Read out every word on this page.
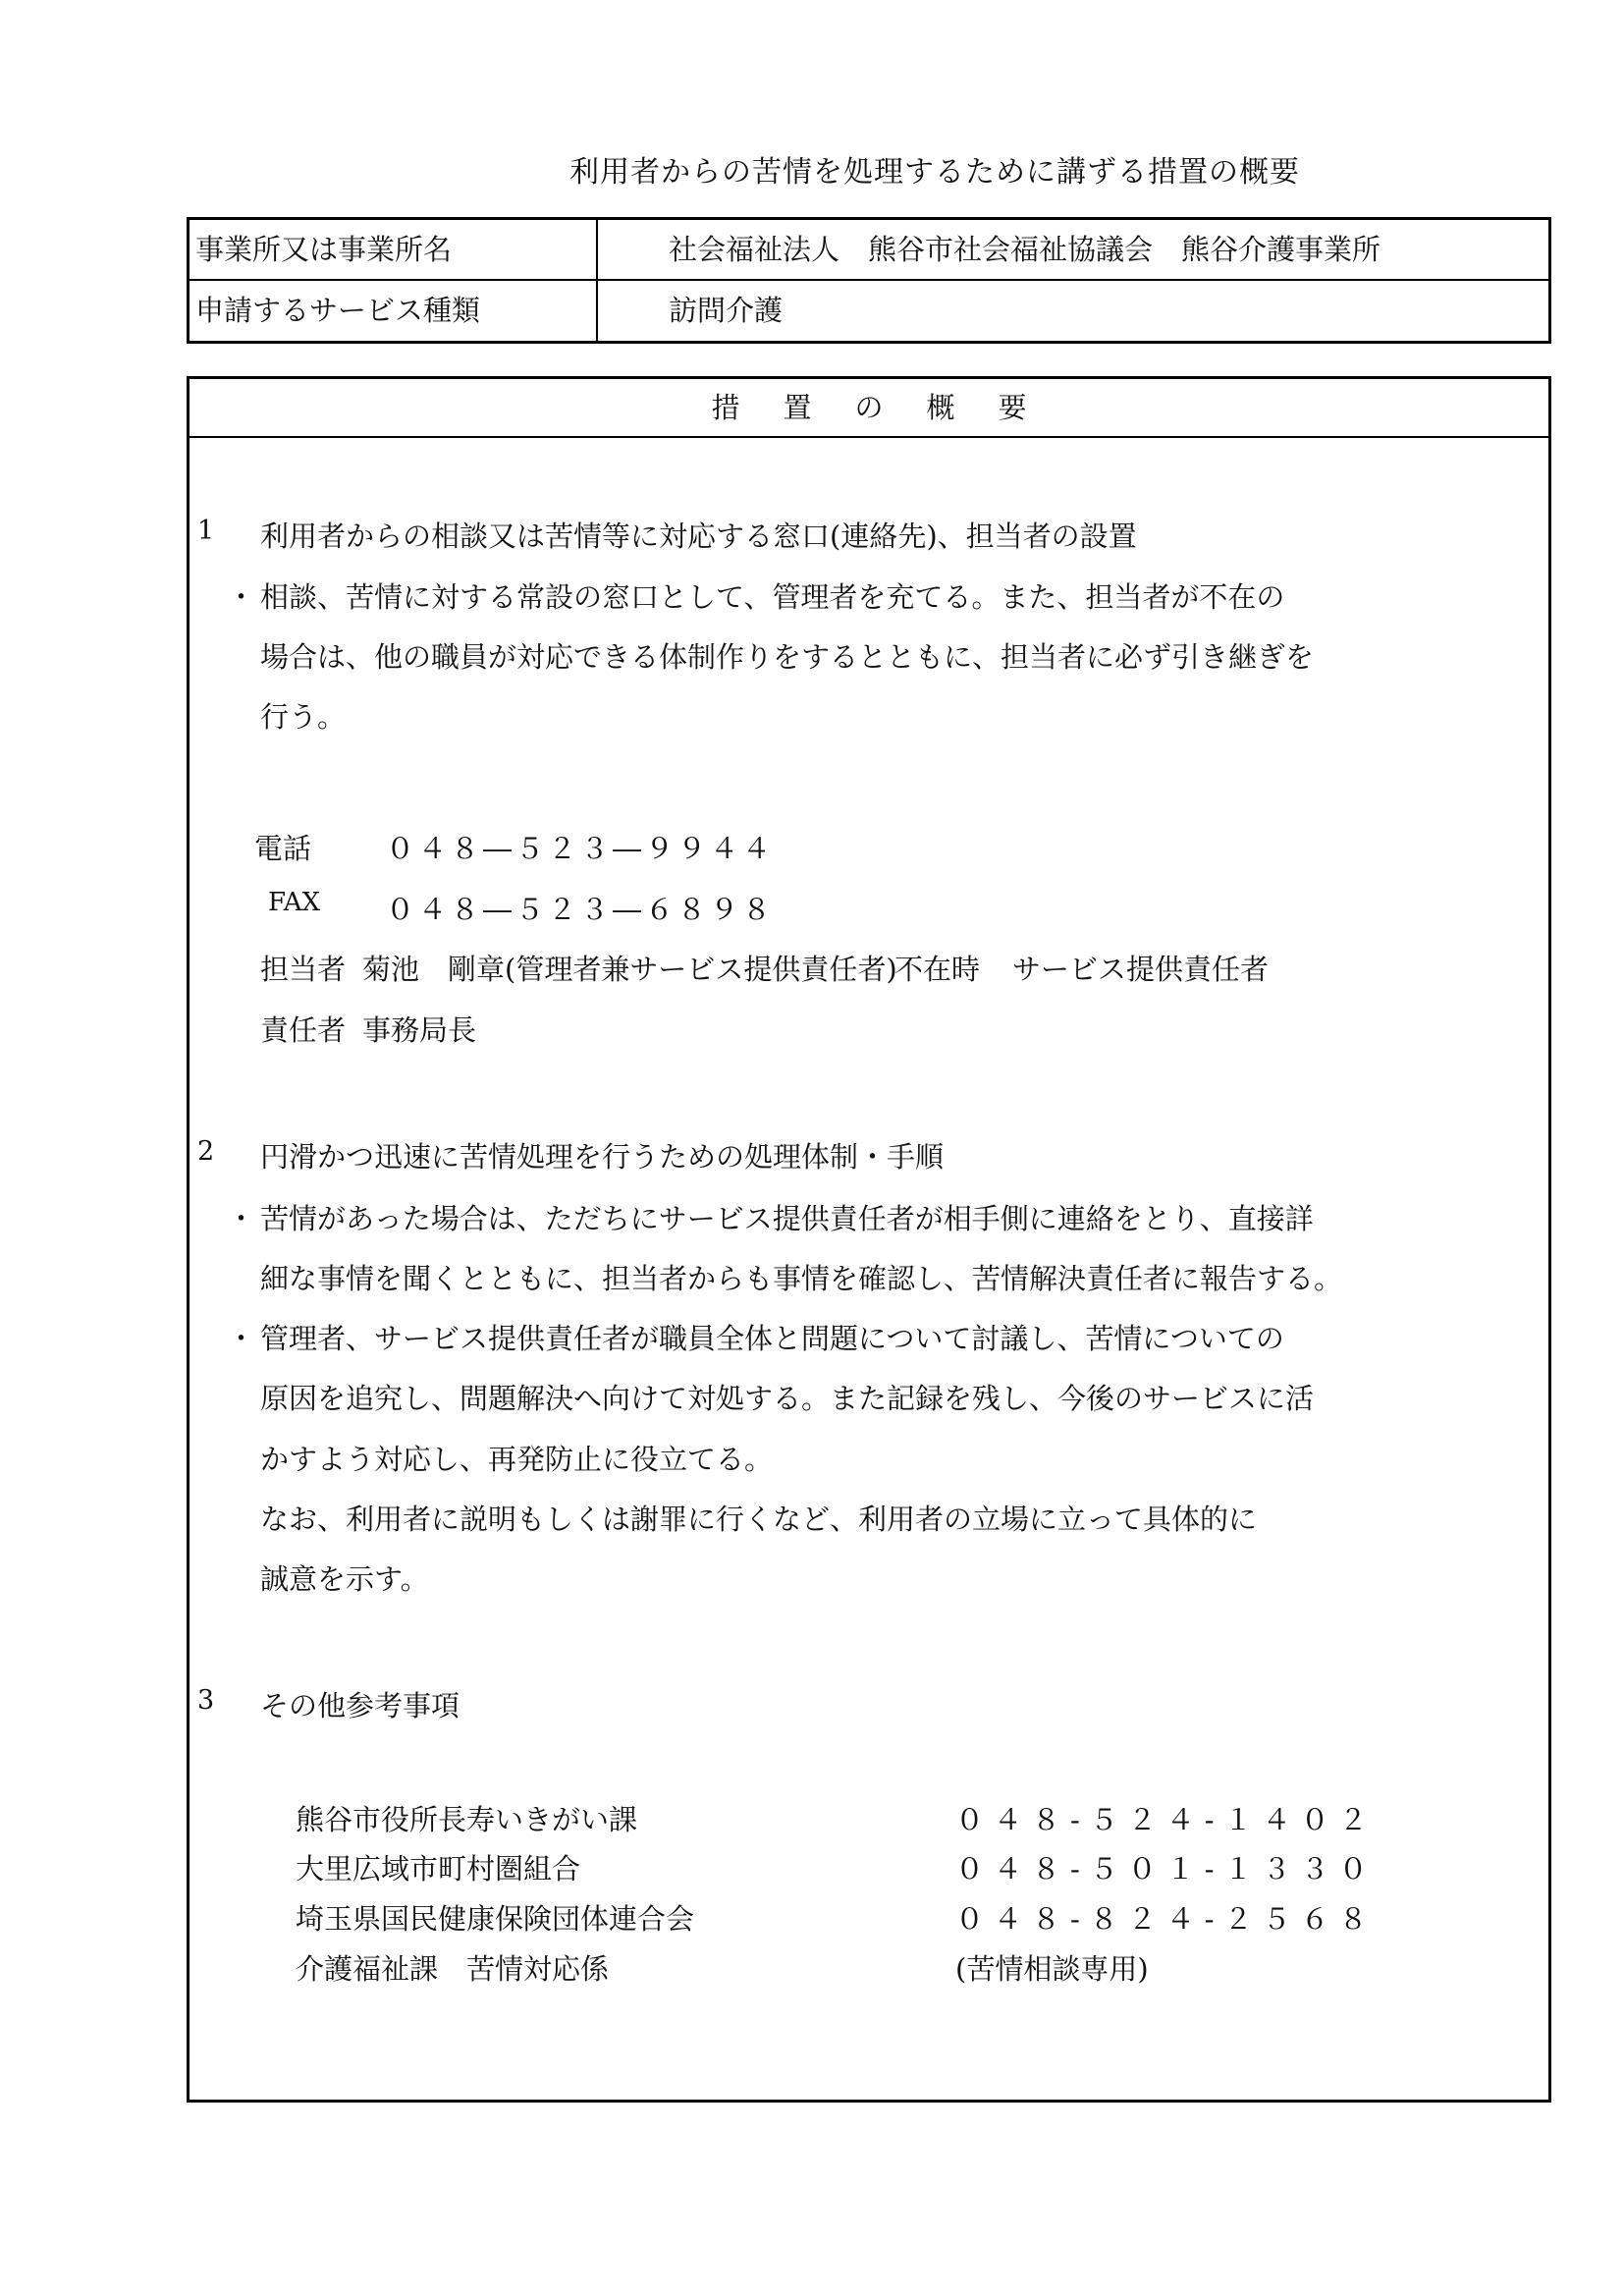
利用者からの苦情を処理するために講ずる措置の概要
事業所又は事業所名	社会福祉法人　熊谷市社会福祉協議会　熊谷介護事業所
申請するサービス種類	訪問介護
措置の概要
1 利用者からの相談又は苦情等に対応する窓口(連絡先)、担当者の設置
・ 相談、苦情に対する常設の窓口として、管理者を充てる。また、担当者が不在の
場合は、他の職員が対応できる体制作りをするとともに、担当者に必ず引き継ぎを
行う。
電話	０４８―５２３―９９４４
FAX ０４８―５２３―６８９８
担当者 菊池　剛章(管理者兼サービス提供責任者)
不在時 サービス提供責任者
責任者 事務局長
2 円滑かつ迅速に苦情処理を行うための処理体制・手順
・ 苦情があった場合は、ただちにサービス提供責任者が相手側に連絡をとり、直接詳
細な事情を聞くとともに、担当者からも事情を確認し、苦情解決責任者に報告する。
・ 管理者、サービス提供責任者が職員全体と問題について討議し、苦情についての
原因を追究し、問題解決へ向けて対処する。また記録を残し、今後のサービスに活
かすよう対応し、再発防止に役立てる。
なお、利用者に説明もしくは謝罪に行くなど、利用者の立場に立って具体的に
誠意を示す。
3 その他参考事項
熊谷市役所長寿いきがい課	０４８-５２４-１４０２
大里広域市町村圏組合	０４８-５０１-１３３０
埼玉県国民健康保険団体連合会	０４８-８２４-２５６８
介護福祉課　苦情対応係	(苦情相談専用)
